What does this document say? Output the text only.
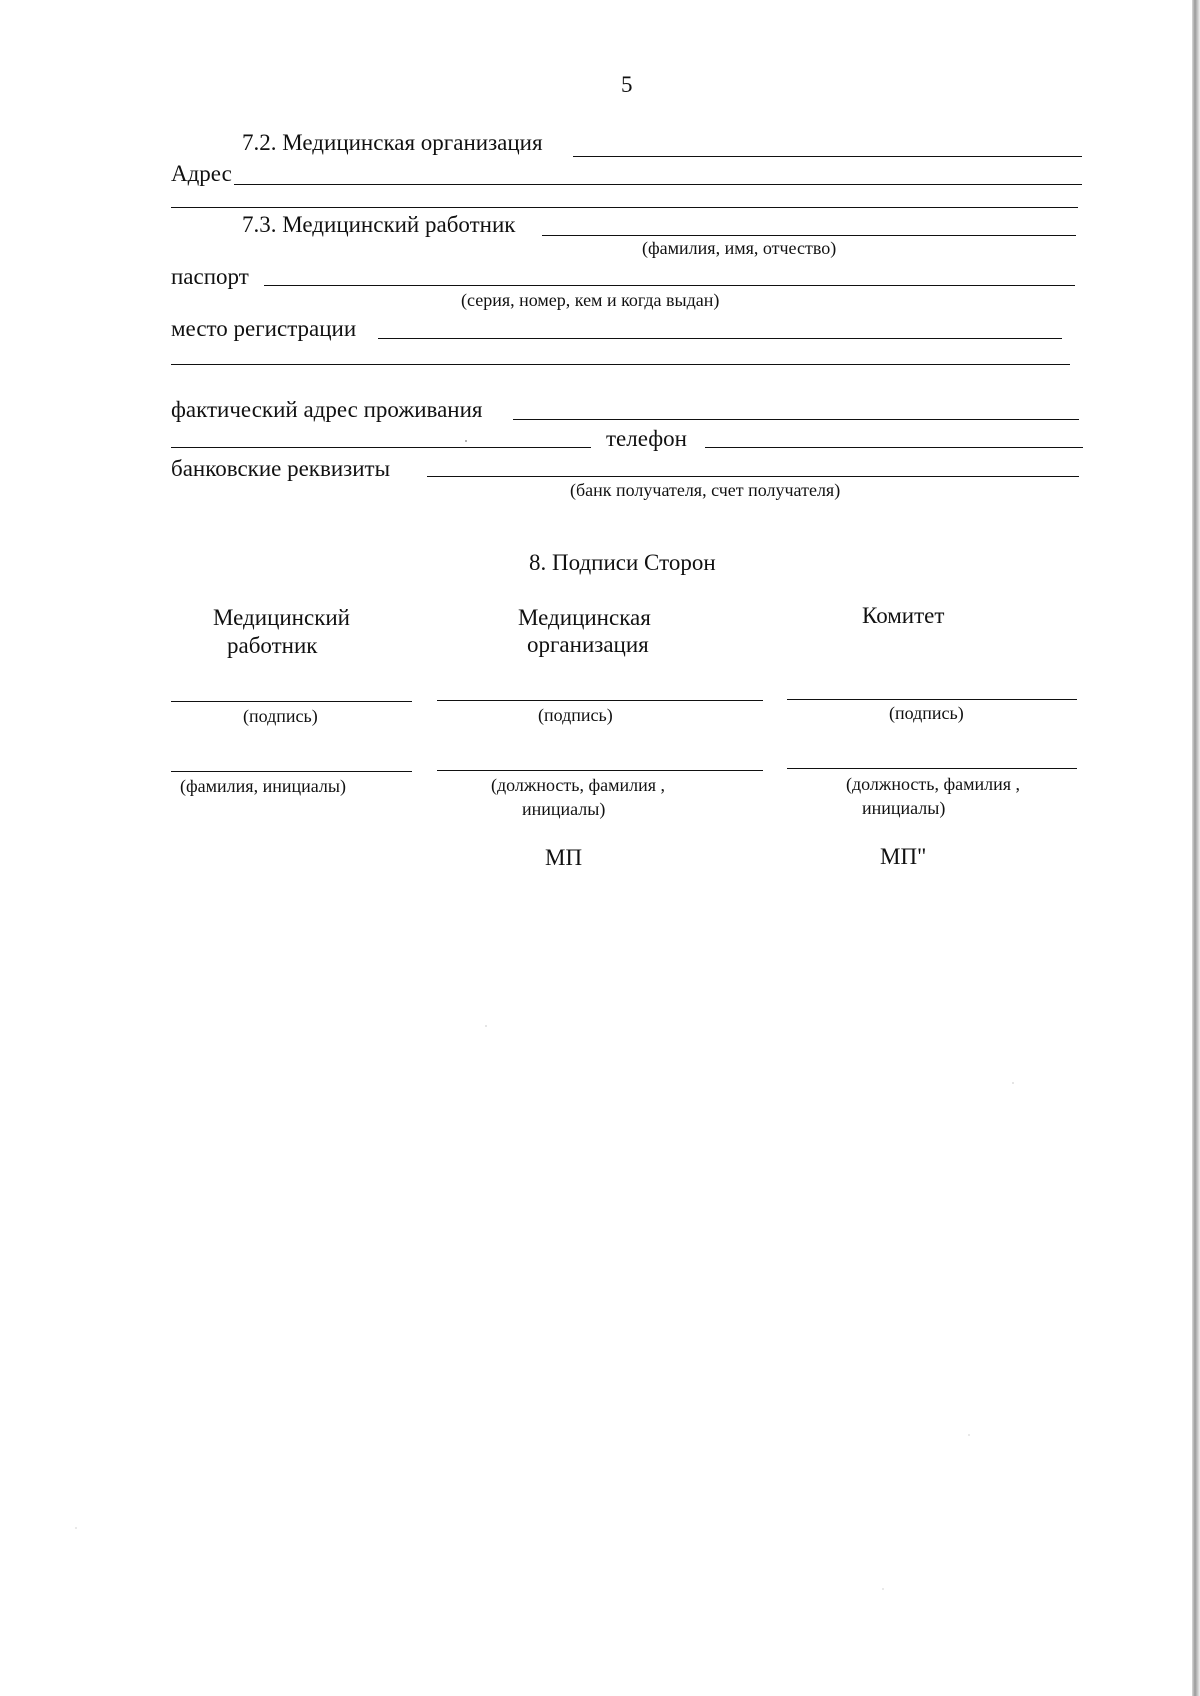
5
7.2. Медицинская организация
Адрес
7.3. Медицинский работник
(фамилия, имя, отчество)
паспорт
(серия, номер, кем и когда выдан)
место регистрации
фактический адрес проживания
телефон
банковские реквизиты
(банк получателя, счет получателя)
8. Подписи Сторон
Медицинский
работник
(подпись)
(фамилия, инициалы)
Медицинская
организация
(подпись)
(должность, фамилия ,
инициалы)
МП
Комитет
(подпись)
(должность, фамилия ,
инициалы)
МП"
